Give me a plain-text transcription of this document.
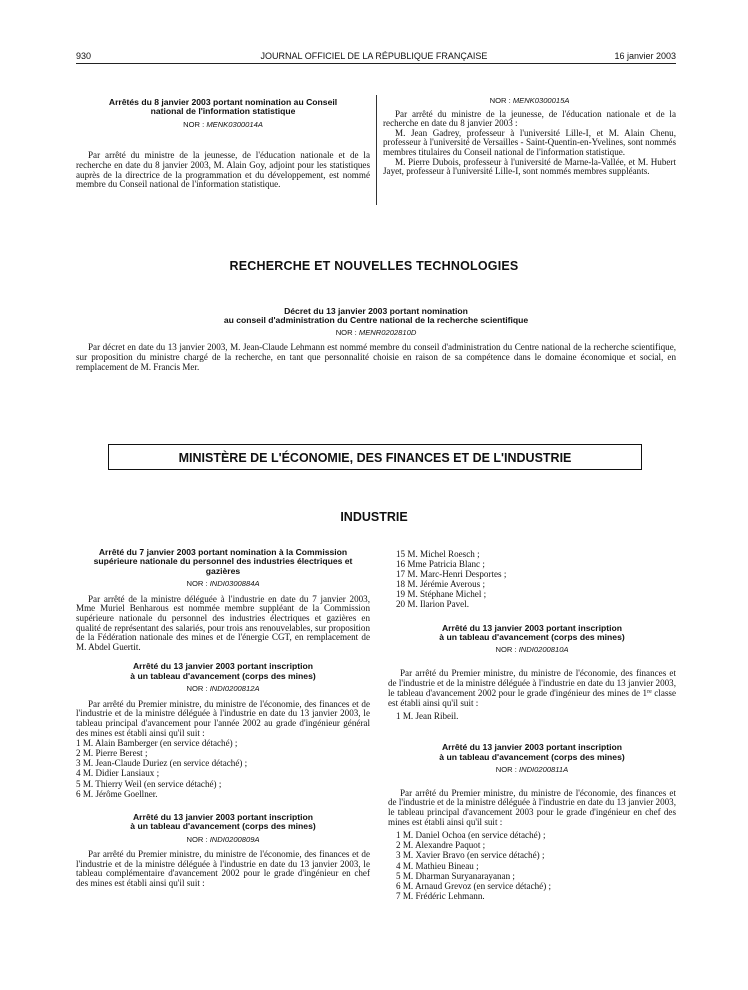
930	JOURNAL OFFICIEL DE LA RÉPUBLIQUE FRANÇAISE	16 janvier 2003

Arrêtés du 8 janvier 2003 portant nomination au Conseil national de l'information statistique

NOR : MENK0300014A

Par arrêté du ministre de la jeunesse, de l'éducation nationale et de la recherche en date du 8 janvier 2003, M. Alain Goy, adjoint pour les statistiques auprès de la directrice de la programmation et du développement, est nommé membre du Conseil national de l'information statistique.

NOR : MENK0300015A

Par arrêté du ministre de la jeunesse, de l'éducation nationale et de la recherche en date du 8 janvier 2003 :

M. Jean Gadrey, professeur à l'université Lille-I, et M. Alain Chenu, professeur à l'université de Versailles - Saint-Quentin-en-Yvelines, sont nommés membres titulaires du Conseil national de l'information statistique.

M. Pierre Dubois, professeur à l'université de Marne-la-Vallée, et M. Hubert Jayet, professeur à l'université Lille-I, sont nommés membres suppléants.

RECHERCHE ET NOUVELLES TECHNOLOGIES

Décret du 13 janvier 2003 portant nomination

au conseil d'administration du Centre national de la recherche scientifique

NOR : MENR0202810D

Par décret en date du 13 janvier 2003, M. Jean-Claude Lehmann est nommé membre du conseil d'administration du Centre national de la recherche scientifique, sur proposition du ministre chargé de la recherche, en tant que personnalité choisie en raison de sa compétence dans le domaine économique et social, en remplacement de M. Francis Mer.

MINISTÈRE DE L'ÉCONOMIE, DES FINANCES ET DE L'INDUSTRIE
INDUSTRIE

Arrêté du 7 janvier 2003 portant nomination à la Commission supérieure nationale du personnel des industries électriques et gazières

NOR : INDI0300884A

Par arrêté de la ministre déléguée à l'industrie en date du 7 janvier 2003, Mme Muriel Benharous est nommée membre suppléant de la Commission supérieure nationale du personnel des industries électriques et gazières en qualité de représentant des salariés, pour trois ans renouvelables, sur proposition de la Fédération nationale des mines et de l'énergie CGT, en remplacement de M. Abdel Guertit.

Arrêté du 13 janvier 2003 portant inscription

à un tableau d'avancement (corps des mines)

NOR : INDI0200812A

Par arrêté du Premier ministre, du ministre de l'économie, des finances et de l'industrie et de la ministre déléguée à l'industrie en date du 13 janvier 2003, le tableau principal d'avancement pour l'année 2002 au grade d'ingénieur général des mines est établi ainsi qu'il suit :

1 M. Alain Bamberger (en service détaché) ;
2 M. Pierre Berest ;
3 M. Jean-Claude Duriez (en service détaché) ;
4 M. Didier Lansiaux ;
5 M. Thierry Weil (en service détaché) ;
6 M. Jérôme Goellner.

Arrêté du 13 janvier 2003 portant inscription

à un tableau d'avancement (corps des mines)

NOR : INDI0200809A

Par arrêté du Premier ministre, du ministre de l'économie, des finances et de l'industrie et de la ministre déléguée à l'industrie en date du 13 janvier 2003, le tableau complémentaire d'avancement 2002 pour le grade d'ingénieur en chef des mines est établi ainsi qu'il suit :

15 M. Michel Roesch ;
16 Mme Patricia Blanc ;
17 M. Marc-Henri Desportes ;
18 M. Jérémie Averous ;
19 M. Stéphane Michel ;
20 M. Ilarion Pavel.

Arrêté du 13 janvier 2003 portant inscription

à un tableau d'avancement (corps des mines)

NOR : INDI0200810A

Par arrêté du Premier ministre, du ministre de l'économie, des finances et de l'industrie et de la ministre déléguée à l'industrie en date du 13 janvier 2003, le tableau d'avancement 2002 pour le grade d'ingénieur des mines de 1re classe est établi ainsi qu'il suit :

1 M. Jean Ribeil.

Arrêté du 13 janvier 2003 portant inscription

à un tableau d'avancement (corps des mines)

NOR : INDI0200811A

Par arrêté du Premier ministre, du ministre de l'économie, des finances et de l'industrie et de la ministre déléguée à l'industrie en date du 13 janvier 2003, le tableau principal d'avancement 2003 pour le grade d'ingénieur en chef des mines est établi ainsi qu'il suit :

1 M. Daniel Ochoa (en service détaché) ;
2 M. Alexandre Paquot ;
3 M. Xavier Bravo (en service détaché) ;
4 M. Mathieu Bineau ;
5 M. Dharman Suryanarayanan ;
6 M. Arnaud Grevoz (en service détaché) ;
7 M. Frédéric Lehmann.
